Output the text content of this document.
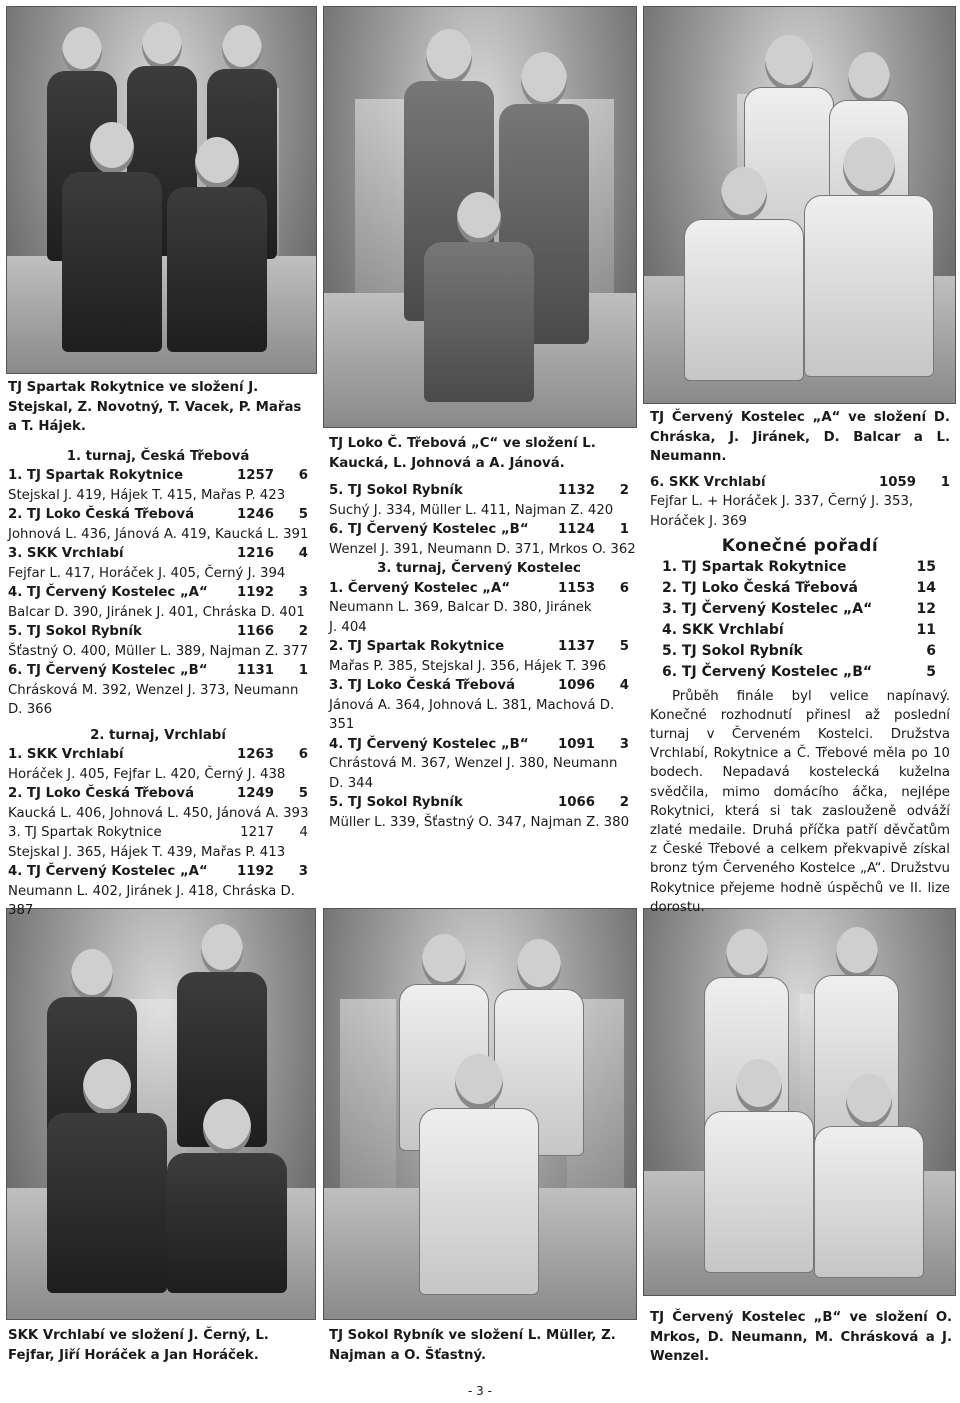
TJ Spartak Rokytnice ve složení J. Stejskal, Z. Novotný, T. Vacek, P. Mařas a T. Hájek.
1. turnaj, Česká Třebová
1. TJ Spartak Rokytnice	1257	6
Stejskal J. 419, Hájek T. 415, Mařas P. 423
2. TJ Loko Česká Třebová	1246	5
Johnová L. 436, Jánová A. 419, Kaucká L. 391
3. SKK Vrchlabí	1216	4
Fejfar L. 417, Horáček J. 405, Černý J. 394
4. TJ Červený Kostelec „A“	1192	3
Balcar D. 390, Jiránek J. 401, Chráska D. 401
5. TJ Sokol Rybník	1166	2
Šťastný O. 400, Müller L. 389, Najman Z. 377
6. TJ Červený Kostelec „B“	1131	1
Chrásková M. 392, Wenzel J. 373, Neumann D. 366
2. turnaj, Vrchlabí
1. SKK Vrchlabí	1263	6
Horáček J. 405, Fejfar L. 420, Černý J. 438
2. TJ Loko Česká Třebová	1249	5
Kaucká L. 406, Johnová L. 450, Jánová A. 393
3. TJ Spartak Rokytnice	1217	4
Stejskal J. 365, Hájek T. 439, Mařas P. 413
4. TJ Červený Kostelec „A“	1192	3
Neumann L. 402, Jiránek J. 418, Chráska D. 387
TJ Loko Č. Třebová „C“ ve složení L. Kaucká, L. Johnová a A. Jánová.
5. TJ Sokol Rybník	1132	2
Suchý J. 334, Müller L. 411, Najman Z. 420
6. TJ Červený Kostelec „B“	1124	1
Wenzel J. 391, Neumann D. 371, Mrkos O. 362
3. turnaj, Červený Kostelec
1. Červený Kostelec „A“	1153	6
Neumann L. 369, Balcar D. 380, Jiránek J. 404
2. TJ Spartak Rokytnice	1137	5
Mařas P. 385, Stejskal J. 356, Hájek T. 396
3. TJ Loko Česká Třebová	1096	4
Jánová A. 364, Johnová L. 381, Machová D. 351
4. TJ Červený Kostelec „B“	1091	3
Chrástová M. 367, Wenzel J. 380, Neumann D. 344
5. TJ Sokol Rybník	1066	2
Müller L. 339, Šťastný O. 347, Najman Z. 380
TJ Červený Kostelec „A“ ve složení D. Chráska, J. Jiránek, D. Balcar a L. Neumann.
6. SKK Vrchlabí	1059	1
Fejfar L. + Horáček J. 337, Černý J. 353, Horáček J. 369
Konečné pořadí
1. TJ Spartak Rokytnice	15
2. TJ Loko Česká Třebová	14
3. TJ Červený Kostelec „A“	12
4. SKK Vrchlabí	11
5. TJ Sokol Rybník	6
6. TJ Červený Kostelec „B“	5
Průběh finále byl velice napínavý. Konečné rozhodnutí přinesl až poslední turnaj v Červeném Kostelci. Družstva Vrchlabí, Rokytnice a Č. Třebové měla po 10 bodech. Nepadavá kostelecká kuželna svědčila, mimo domácího áčka, nejlépe Rokytnici, která si tak zaslouženě odváží zlaté medaile. Druhá příčka patří děvčatům z České Třebové a celkem překvapivě získal bronz tým Červeného Kostelce „A“. Družstvu Rokytnice přejeme hodně úspěchů ve II. lize dorostu.
SKK Vrchlabí ve složení J. Černý, L. Fejfar, Jiří Horáček a Jan Horáček.
TJ Sokol Rybník ve složení L. Müller, Z. Najman a O. Šťastný.
TJ Červený Kostelec „B“ ve složení O. Mrkos, D. Neumann, M. Chrásková a J. Wenzel.
- 3 -
